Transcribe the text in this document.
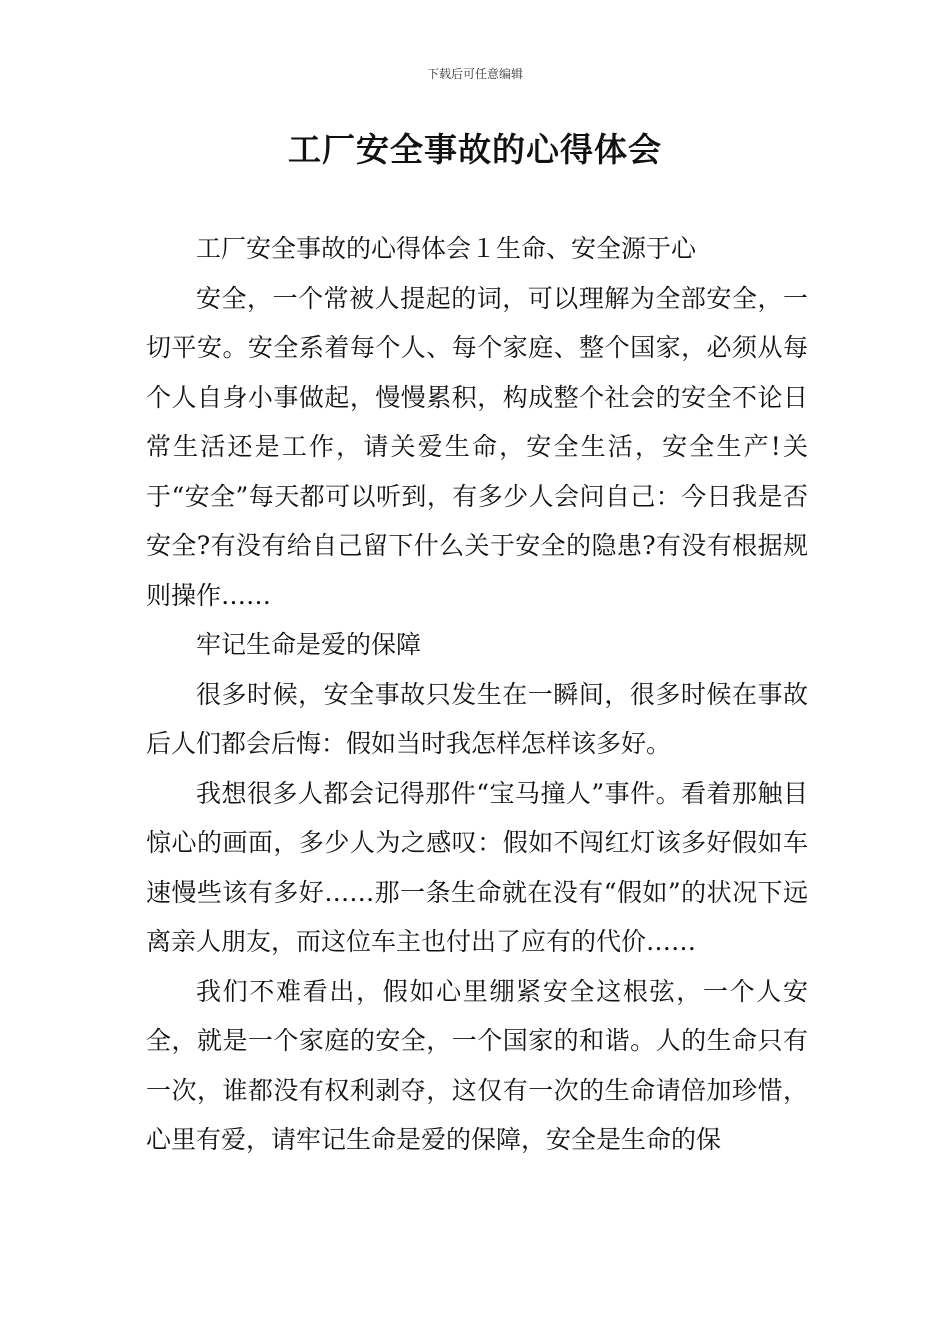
下载后可任意编辑
工厂安全事故的心得体会

工厂安全事故的心得体会１生命、安全源于心

安全，一个常被人提起的词，可以理解为全部安全，一切平安。安全系着每个人、每个家庭、整个国家，必须从每个人自身小事做起，慢慢累积，构成整个社会的安全不论日常生活还是工作，请关爱生命，安全生活，安全生产!关于“安全”每天都可以听到，有多少人会问自己：今日我是否安全?有没有给自己留下什么关于安全的隐患?有没有根据规则操作……

牢记生命是爱的保障

很多时候，安全事故只发生在一瞬间，很多时候在事故后人们都会后悔：假如当时我怎样怎样该多好。

我想很多人都会记得那件“宝马撞人”事件。看着那触目惊心的画面，多少人为之感叹：假如不闯红灯该多好假如车速慢些该有多好……那一条生命就在没有“假如”的状况下远离亲人朋友，而这位车主也付出了应有的代价……

我们不难看出，假如心里绷紧安全这根弦，一个人安全，就是一个家庭的安全，一个国家的和谐。人的生命只有一次，谁都没有权利剥夺，这仅有一次的生命请倍加珍惜，心里有爱，请牢记生命是爱的保障，安全是生命的保
